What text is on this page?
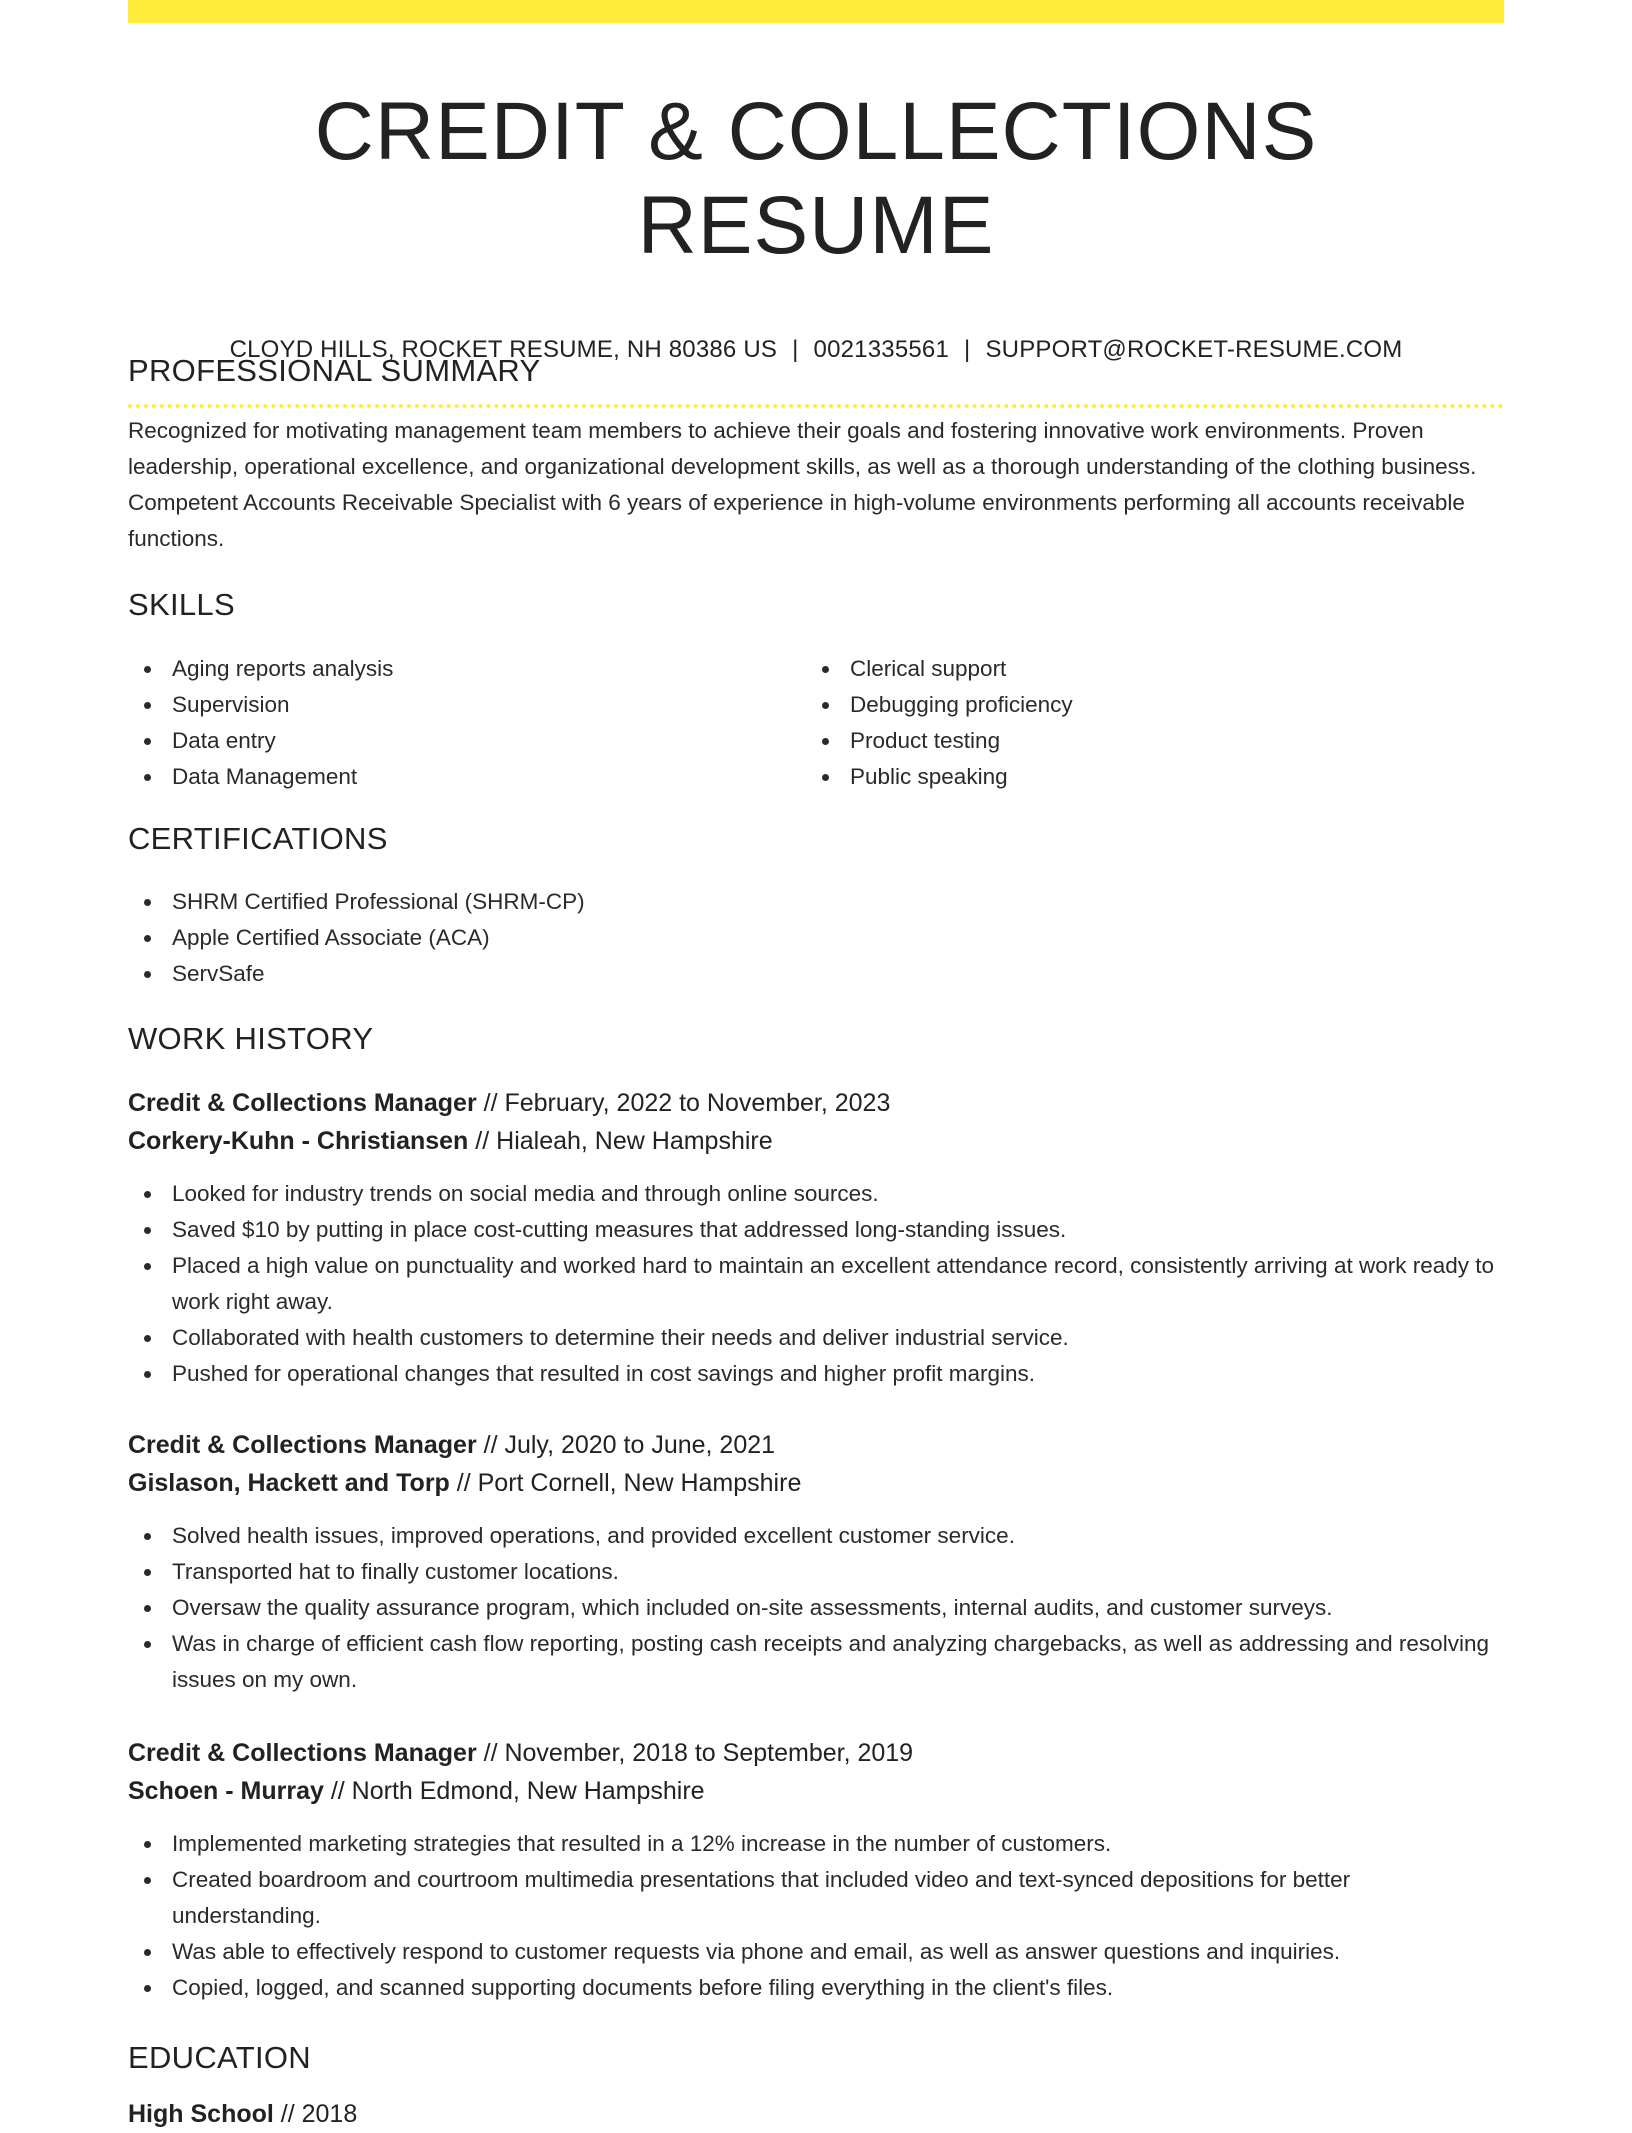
CREDIT & COLLECTIONS RESUME
CLOYD HILLS, ROCKET RESUME, NH 80386 US | 0021335561 | SUPPORT@ROCKET-RESUME.COM
PROFESSIONAL SUMMARY

Recognized for motivating management team members to achieve their goals and fostering innovative work environments. Proven leadership, operational excellence, and organizational development skills, as well as a thorough understanding of the clothing business. Competent Accounts Receivable Specialist with 6 years of experience in high-volume environments performing all accounts receivable functions.

SKILLS
Aging reports analysis
Supervision
Data entry
Data Management
Clerical support
Debugging proficiency
Product testing
Public speaking
CERTIFICATIONS
SHRM Certified Professional (SHRM-CP)
Apple Certified Associate (ACA)
ServSafe
WORK HISTORY
Credit & Collections Manager // February, 2022 to November, 2023
Corkery-Kuhn - Christiansen // Hialeah, New Hampshire
Looked for industry trends on social media and through online sources.
Saved $10 by putting in place cost-cutting measures that addressed long-standing issues.
Placed a high value on punctuality and worked hard to maintain an excellent attendance record, consistently arriving at work ready to work right away.
Collaborated with health customers to determine their needs and deliver industrial service.
Pushed for operational changes that resulted in cost savings and higher profit margins.
Credit & Collections Manager // July, 2020 to June, 2021
Gislason, Hackett and Torp // Port Cornell, New Hampshire
Solved health issues, improved operations, and provided excellent customer service.
Transported hat to finally customer locations.
Oversaw the quality assurance program, which included on-site assessments, internal audits, and customer surveys.
Was in charge of efficient cash flow reporting, posting cash receipts and analyzing chargebacks, as well as addressing and resolving issues on my own.
Credit & Collections Manager // November, 2018 to September, 2019
Schoen - Murray // North Edmond, New Hampshire
Implemented marketing strategies that resulted in a 12% increase in the number of customers.
Created boardroom and courtroom multimedia presentations that included video and text-synced depositions for better understanding.
Was able to effectively respond to customer requests via phone and email, as well as answer questions and inquiries.
Copied, logged, and scanned supporting documents before filing everything in the client's files.
EDUCATION
High School // 2018
